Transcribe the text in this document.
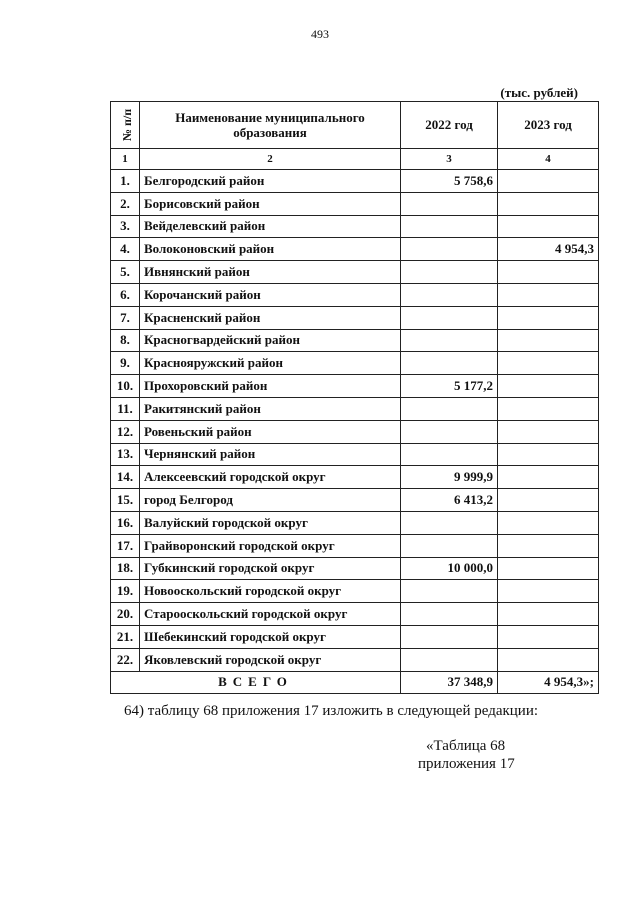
493
(тыс. рублей)
№ п/п	Наименование муниципального образования	2022 год	2023 год
1	2	3	4
1.	Белгородский район	5 758,6	
2.	Борисовский район		
3.	Вейделевский район		
4.	Волоконовский район		4 954,3
5.	Ивнянский район		
6.	Корочанский район		
7.	Красненский район		
8.	Красногвардейский район		
9.	Краснояружский район		
10.	Прохоровский район	5 177,2	
11.	Ракитянский район		
12.	Ровеньский район		
13.	Чернянский район		
14.	Алексеевский городской округ	9 999,9	
15.	город Белгород	6 413,2	
16.	Валуйский городской округ		
17.	Грайворонский городской округ		
18.	Губкинский городской округ	10 000,0	
19.	Новооскольский городской округ		
20.	Старооскольский городской округ		
21.	Шебекинский городской округ		
22.	Яковлевский городской округ		
ВСЕГО		37 348,9	4 954,3»;
64) таблицу 68 приложения 17 изложить в следующей редакции:
«Таблица 68
приложения 17
